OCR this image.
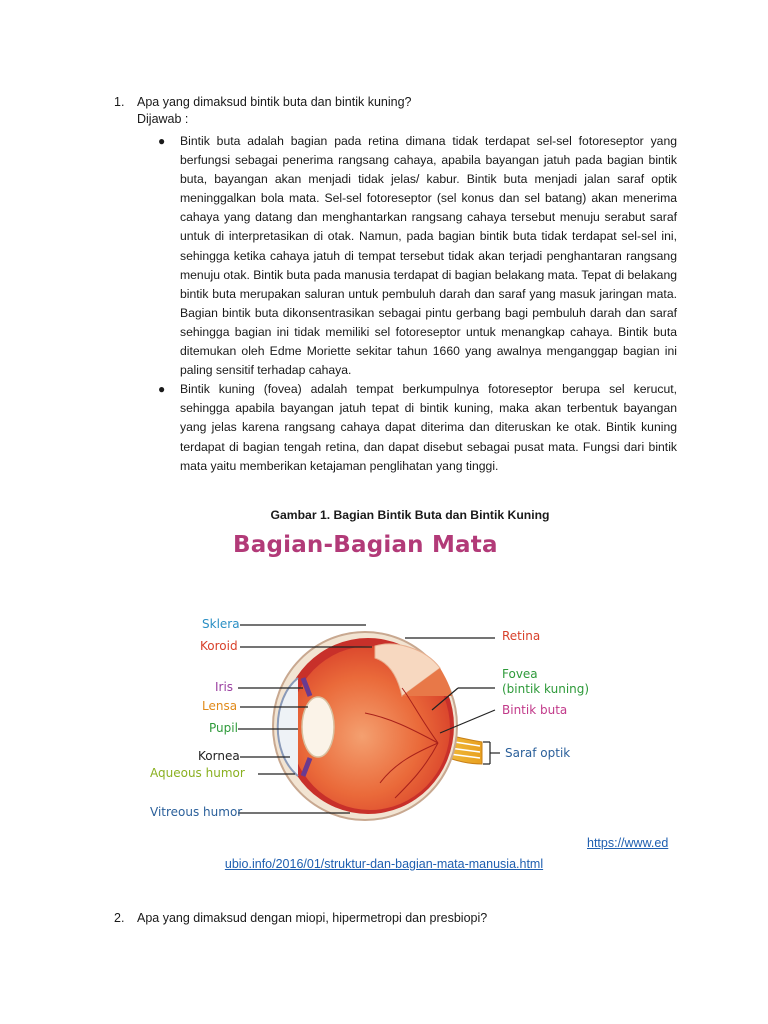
1. Apa yang dimaksud bintik buta dan bintik kuning?
Dijawab :
● Bintik buta adalah bagian pada retina dimana tidak terdapat sel-sel fotoreseptor yang berfungsi sebagai penerima rangsang cahaya, apabila bayangan jatuh pada bagian bintik buta, bayangan akan menjadi tidak jelas/ kabur. Bintik buta menjadi jalan saraf optik meninggalkan bola mata. Sel-sel fotoreseptor (sel konus dan sel batang) akan menerima cahaya yang datang dan menghantarkan rangsang cahaya tersebut menuju serabut saraf untuk di interpretasikan di otak. Namun, pada bagian bintik buta tidak terdapat sel-sel ini, sehingga ketika cahaya jatuh di tempat tersebut tidak akan terjadi penghantaran rangsang menuju otak. Bintik buta pada manusia terdapat di bagian belakang mata. Tepat di belakang bintik buta merupakan saluran untuk pembuluh darah dan saraf yang masuk jaringan mata. Bagian bintik buta dikonsentrasikan sebagai pintu gerbang bagi pembuluh darah dan saraf sehingga bagian ini tidak memiliki sel fotoreseptor untuk menangkap cahaya. Bintik buta ditemukan oleh Edme Moriette sekitar tahun 1660 yang awalnya menganggap bagian ini paling sensitif terhadap cahaya.
● Bintik kuning (fovea) adalah tempat berkumpulnya fotoreseptor berupa sel kerucut, sehingga apabila bayangan jatuh tepat di bintik kuning, maka akan terbentuk bayangan yang jelas karena rangsang cahaya dapat diterima dan diteruskan ke otak. Bintik kuning terdapat di bagian tengah retina, dan dapat disebut sebagai pusat mata. Fungsi dari bintik mata yaitu memberikan ketajaman penglihatan yang tinggi.
Gambar 1. Bagian Bintik Buta dan Bintik Kuning
Bagian-Bagian Mata
Sklera
Koroid
Iris
Lensa
Pupil
Kornea
Aqueous humor
Vitreous humor
Retina
Fovea
(bintik kuning)
Bintik buta
Saraf optik
https://www.ed
ubio.info/2016/01/struktur-dan-bagian-mata-manusia.html
2. Apa yang dimaksud dengan miopi, hipermetropi dan presbiopi?
